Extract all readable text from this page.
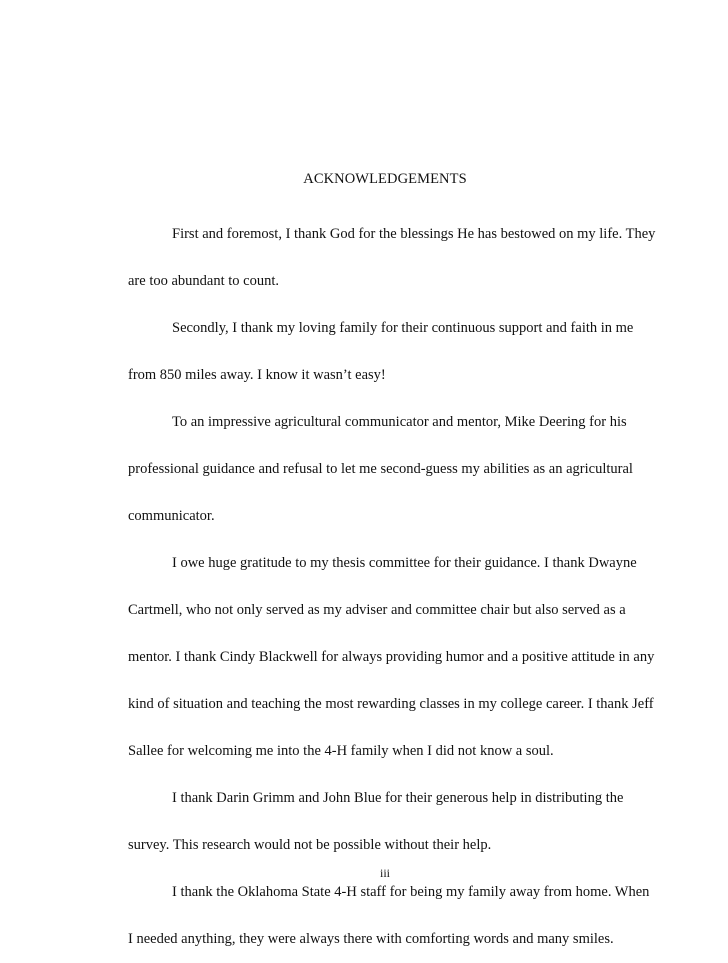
ACKNOWLEDGEMENTS

First and foremost, I thank God for the blessings He has bestowed on my life. They are too abundant to count.

Secondly, I thank my loving family for their continuous support and faith in me from 850 miles away. I know it wasn’t easy!

To an impressive agricultural communicator and mentor, Mike Deering for his professional guidance and refusal to let me second-guess my abilities as an agricultural communicator.

I owe huge gratitude to my thesis committee for their guidance. I thank Dwayne Cartmell, who not only served as my adviser and committee chair but also served as a mentor. I thank Cindy Blackwell for always providing humor and a positive attitude in any kind of situation and teaching the most rewarding classes in my college career. I thank Jeff Sallee for welcoming me into the 4-H family when I did not know a soul.

I thank Darin Grimm and John Blue for their generous help in distributing the survey. This research would not be possible without their help.

I thank the Oklahoma State 4-H staff for being my family away from home. When I needed anything, they were always there with comforting words and many smiles.

iii
